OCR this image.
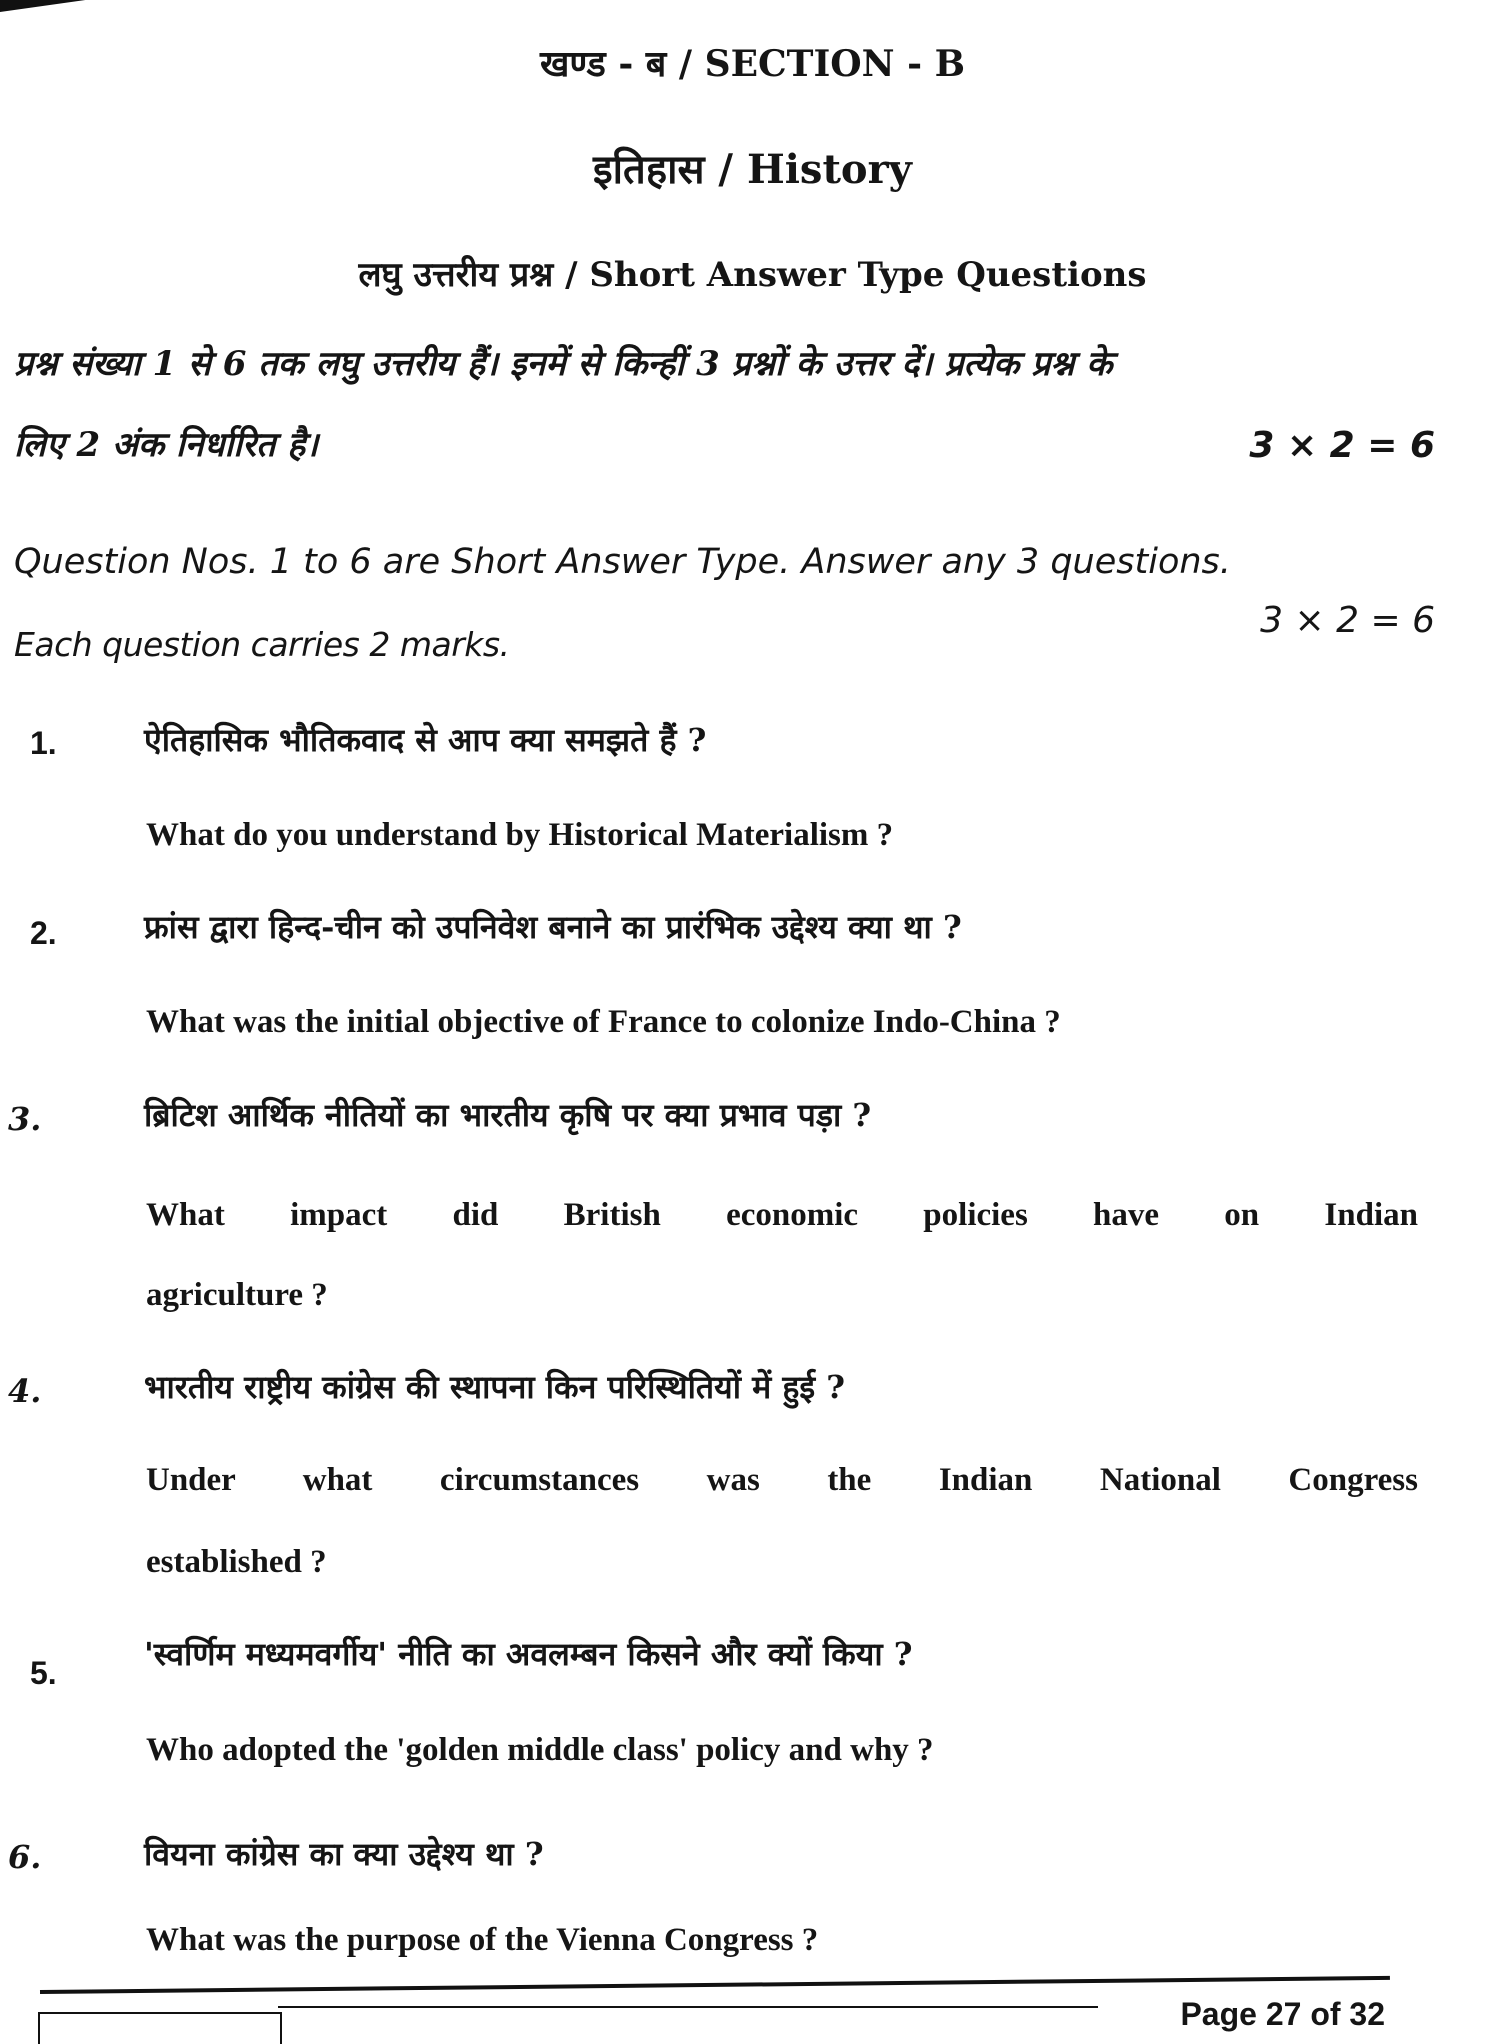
खण्ड - ब / SECTION - B
इतिहास / History
लघु उत्तरीय प्रश्न / Short Answer Type Questions
प्रश्न संख्या 1 से 6 तक लघु उत्तरीय हैं। इनमें से किन्हीं 3 प्रश्नों के उत्तर दें। प्रत्येक प्रश्न के
लिए 2 अंक निर्धारित है।	3 × 2 = 6
Question Nos. 1 to 6 are Short Answer Type. Answer any 3 questions.
Each question carries 2 marks.
3 × 2 = 6
1.	ऐतिहासिक भौतिकवाद से आप क्या समझते हैं ?
What do you understand by Historical Materialism ?
2.	फ्रांस द्वारा हिन्द-चीन को उपनिवेश बनाने का प्रारंभिक उद्देश्य क्या था ?
What was the initial objective of France to colonize Indo-China ?
3.	ब्रिटिश आर्थिक नीतियों का भारतीय कृषि पर क्या प्रभाव पड़ा ?
What impact did British economic policies have on Indian
agriculture ?
4.	भारतीय राष्ट्रीय कांग्रेस की स्थापना किन परिस्थितियों में हुई ?
Under what circumstances was the Indian National Congress
established ?
5.	'स्वर्णिम मध्यमवर्गीय' नीति का अवलम्बन किसने और क्यों किया ?
Who adopted the 'golden middle class' policy and why ?
6.	वियना कांग्रेस का क्या उद्देश्य था ?
What was the purpose of the Vienna Congress ?
Page 27 of 32
